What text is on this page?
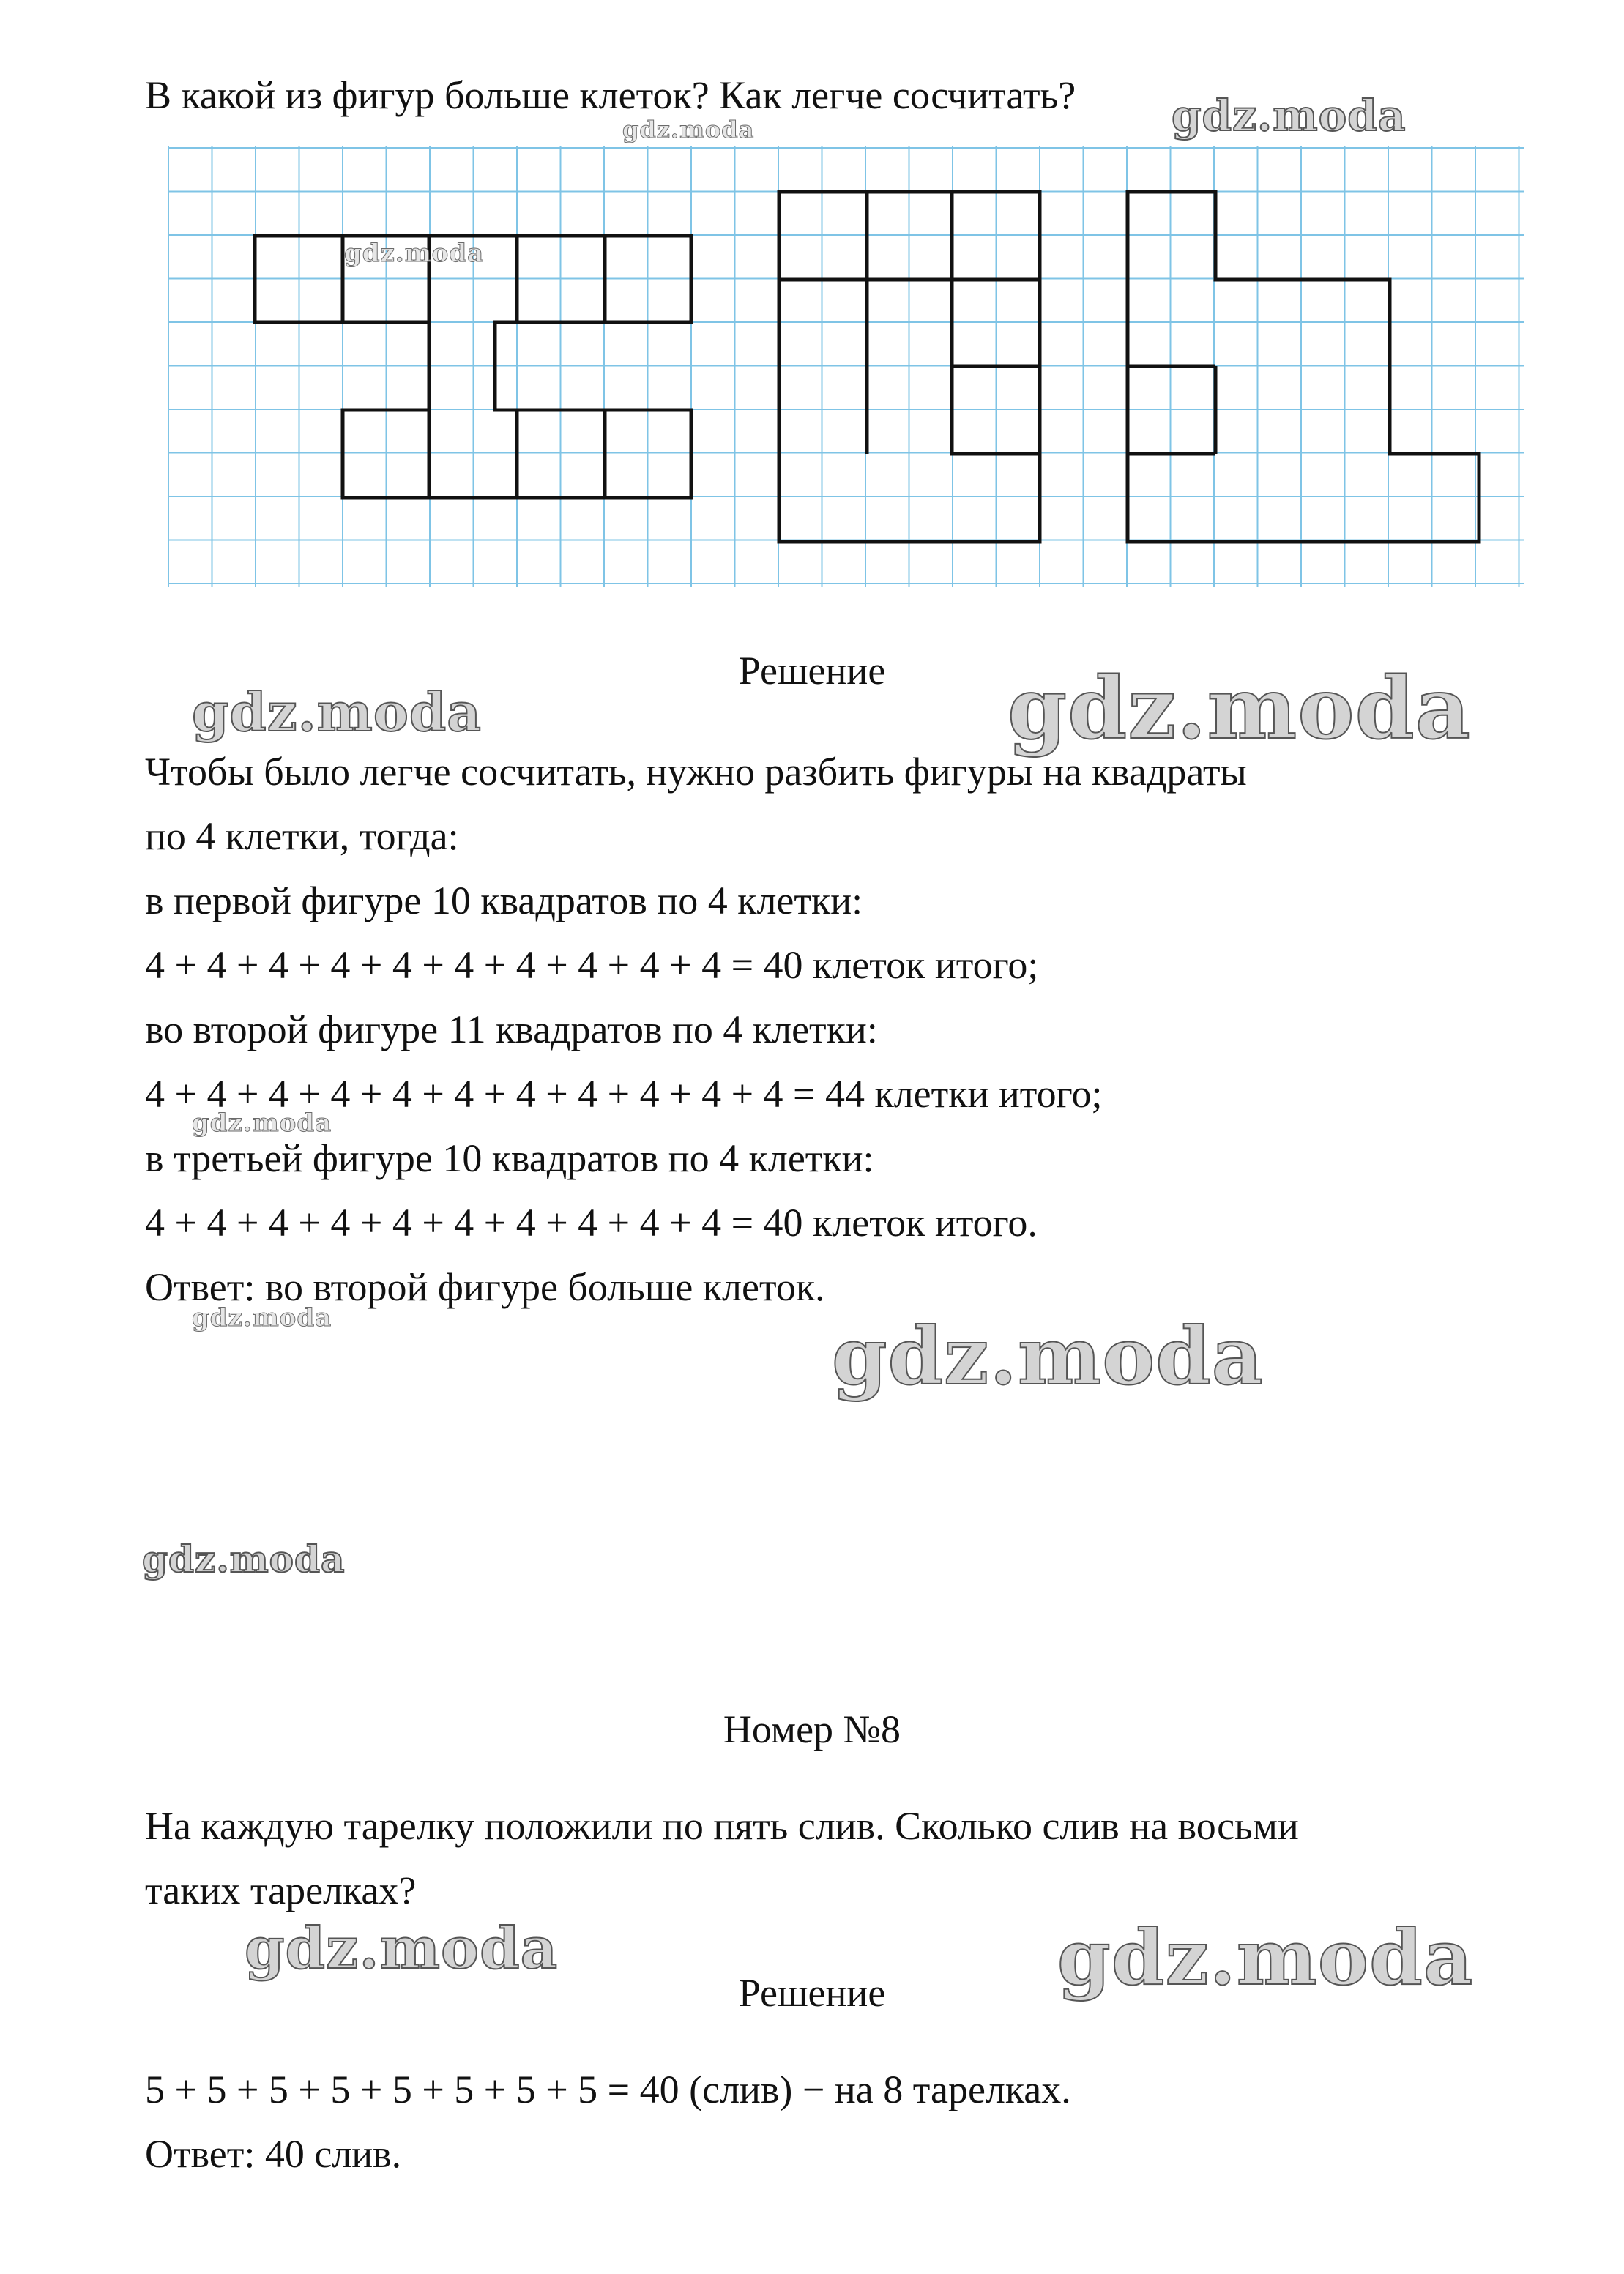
В какой из фигур больше клеток? Как легче сосчитать?
Решение
Чтобы было легче сосчитать, нужно разбить фигуры на квадраты
по 4 клетки, тогда:
в первой фигуре 10 квадратов по 4 клетки:
4 + 4 + 4 + 4 + 4 + 4 + 4 + 4 + 4 + 4 = 40 клеток итого;
во второй фигуре 11 квадратов по 4 клетки:
4 + 4 + 4 + 4 + 4 + 4 + 4 + 4 + 4 + 4 + 4 = 44 клетки итого;
в третьей фигуре 10 квадратов по 4 клетки:
4 + 4 + 4 + 4 + 4 + 4 + 4 + 4 + 4 + 4 = 40 клеток итого.
Ответ: во второй фигуре больше клеток.
Номер №8
На каждую тарелку положили по пять слив. Сколько слив на восьми
таких тарелках?
Решение
5 + 5 + 5 + 5 + 5 + 5 + 5 + 5 = 40 (слив) − на 8 тарелках.
Ответ: 40 слив.
gdz.moda
gdz.moda
gdz.moda
gdz.moda	gdz.moda
gdz.moda
gdz.moda	gdz.moda
gdz.moda
gdz.moda	gdz.moda
